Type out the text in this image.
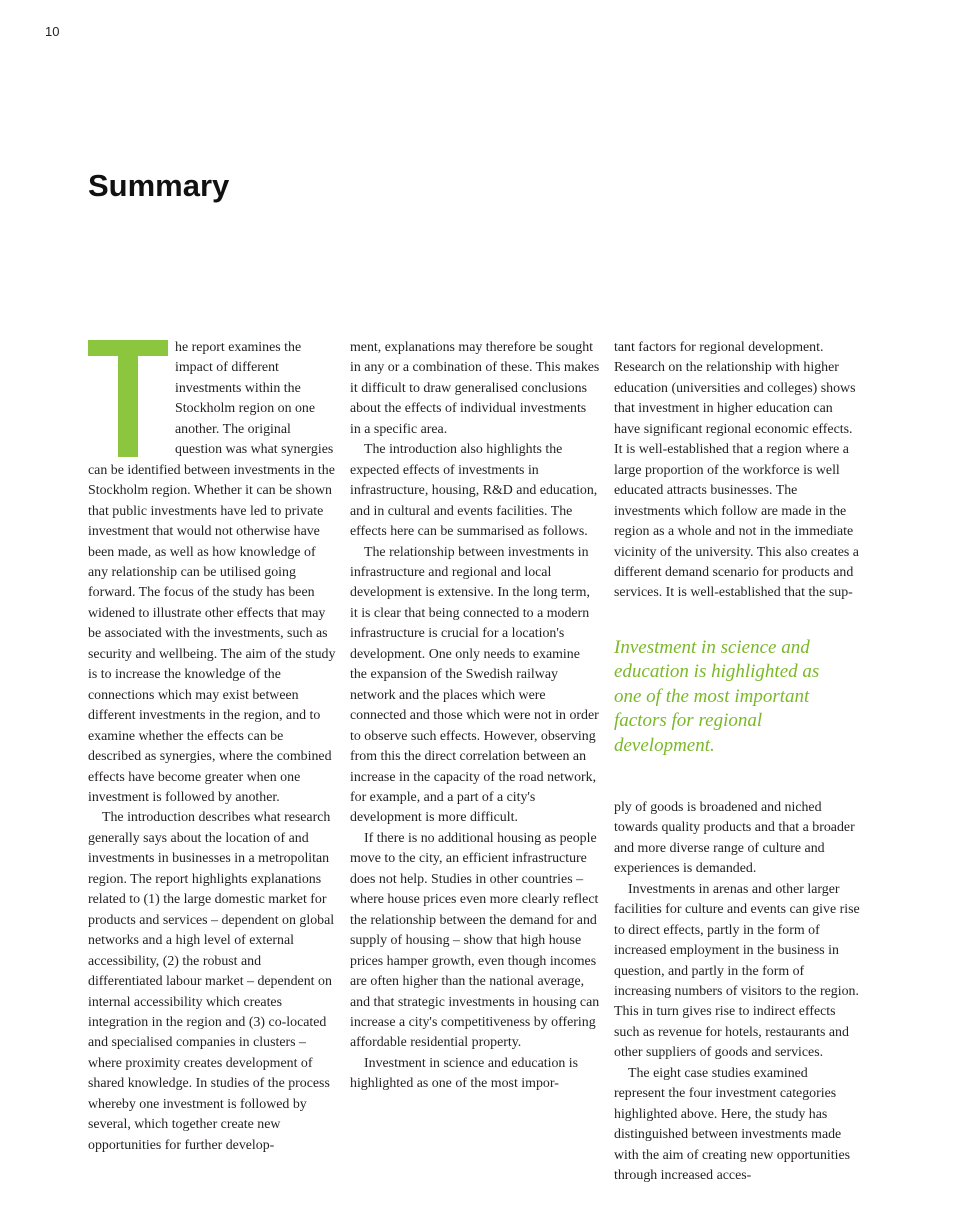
10
Summary

he report examines the impact of different investments within the Stockholm region on one another. The original question was what synergies can be identified between investments in the Stockholm region. Whether it can be shown that public investments have led to private investment that would not otherwise have been made, as well as how knowledge of any relationship can be utilised going forward. The focus of the study has been widened to illustrate other effects that may be associated with the investments, such as security and wellbeing. The aim of the study is to increase the knowledge of the connections which may exist between different investments in the region, and to examine whether the effects can be described as synergies, where the combined effects have become greater when one investment is followed by another.

The introduction describes what research generally says about the location of and investments in businesses in a metropolitan region. The report highlights explanations related to (1) the large domestic market for products and services – dependent on global networks and a high level of external accessibility, (2) the robust and differentiated labour market – dependent on internal accessibility which creates integration in the region and (3) co-located and specialised companies in clusters – where proximity creates development of shared knowledge. In studies of the process whereby one investment is followed by several, which together create new opportunities for further develop-

ment, explanations may therefore be sought in any or a combination of these. This makes it difficult to draw generalised conclusions about the effects of individual investments in a specific area.

The introduction also highlights the expected effects of investments in infrastructure, housing, R&D and education, and in cultural and events facilities. The effects here can be summarised as follows.

The relationship between investments in infrastructure and regional and local development is extensive. In the long term, it is clear that being connected to a modern infrastructure is crucial for a location's development. One only needs to examine the expansion of the Swedish railway network and the places which were connected and those which were not in order to observe such effects. However, observing from this the direct correlation between an increase in the capacity of the road network, for example, and a part of a city's development is more difficult.

If there is no additional housing as people move to the city, an efficient infrastructure does not help. Studies in other countries – where house prices even more clearly reflect the relationship between the demand for and supply of housing – show that high house prices hamper growth, even though incomes are often higher than the national average, and that strategic investments in housing can increase a city's competitiveness by offering affordable residential property.

Investment in science and education is highlighted as one of the most impor-

tant factors for regional development. Research on the relationship with higher education (universities and colleges) shows that investment in higher education can have significant regional economic effects. It is well-established that a region where a large proportion of the workforce is well educated attracts businesses. The investments which follow are made in the region as a whole and not in the immediate vicinity of the university. This also creates a different demand scenario for products and services. It is well-established that the sup-

Investment in science and education is highlighted as one of the most important factors for regional development.

ply of goods is broadened and niched towards quality products and that a broader and more diverse range of culture and experiences is demanded.

Investments in arenas and other larger facilities for culture and events can give rise to direct effects, partly in the form of increased employment in the business in question, and partly in the form of increasing numbers of visitors to the region. This in turn gives rise to indirect effects such as revenue for hotels, restaurants and other suppliers of goods and services.

The eight case studies examined represent the four investment categories highlighted above. Here, the study has distinguished between investments made with the aim of creating new opportunities through increased acces-
